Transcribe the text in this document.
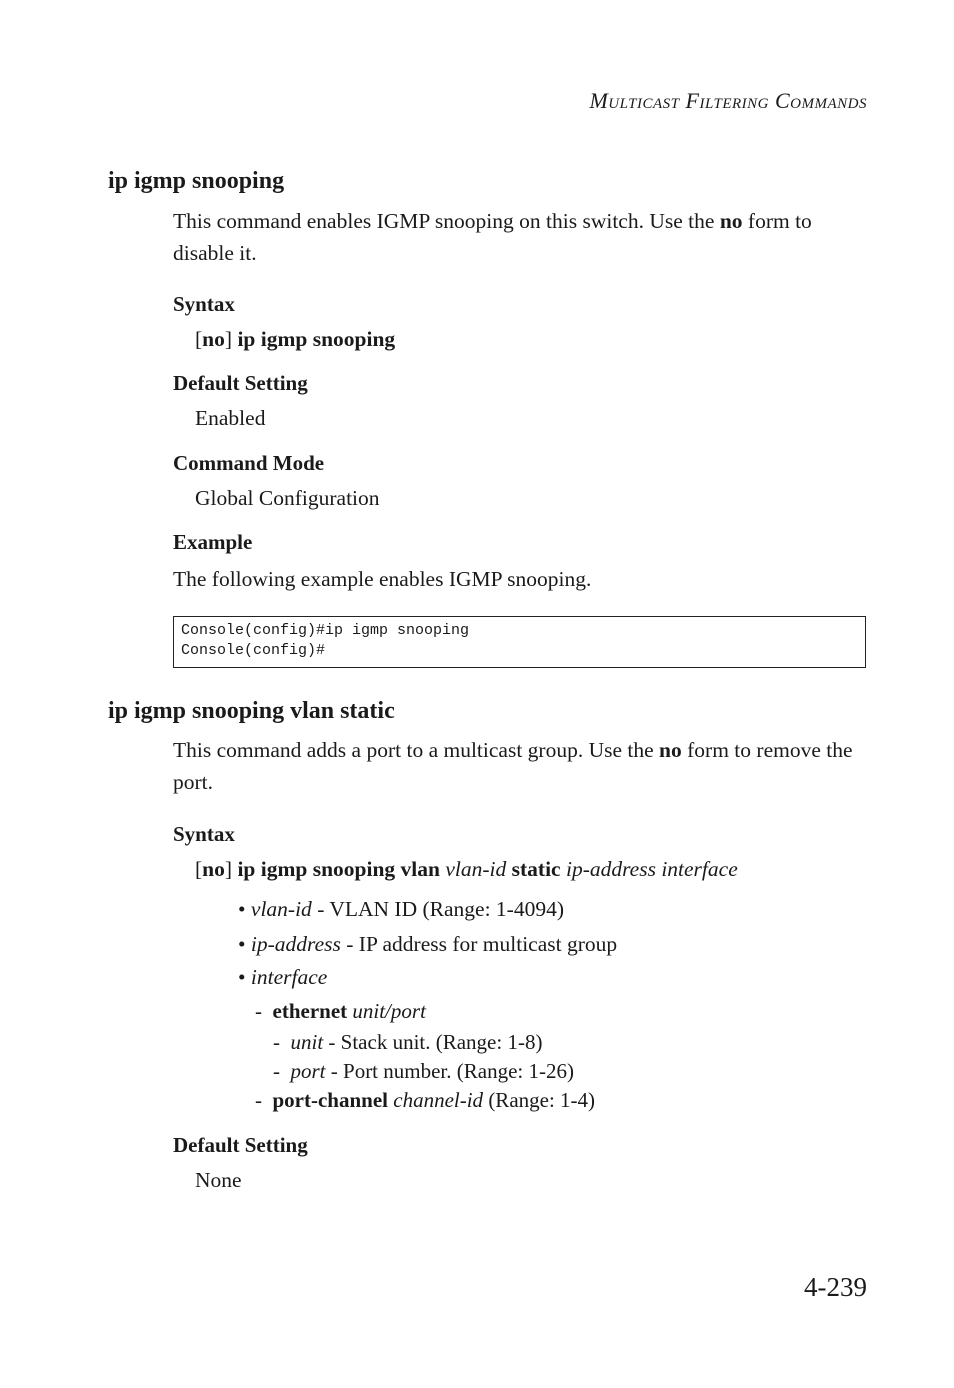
Multicast Filtering Commands
ip igmp snooping
This command enables IGMP snooping on this switch. Use the no form to disable it.
Syntax
[no] ip igmp snooping
Default Setting
Enabled
Command Mode
Global Configuration
Example
The following example enables IGMP snooping.
Console(config)#ip igmp snooping
Console(config)#
ip igmp snooping vlan static
This command adds a port to a multicast group. Use the no form to remove the port.
Syntax
[no] ip igmp snooping vlan vlan-id static ip-address interface
• vlan-id - VLAN ID (Range: 1-4094)
• ip-address - IP address for multicast group
• interface
- ethernet unit/port
- unit - Stack unit. (Range: 1-8)
- port - Port number. (Range: 1-26)
- port-channel channel-id (Range: 1-4)
Default Setting
None
4-239
